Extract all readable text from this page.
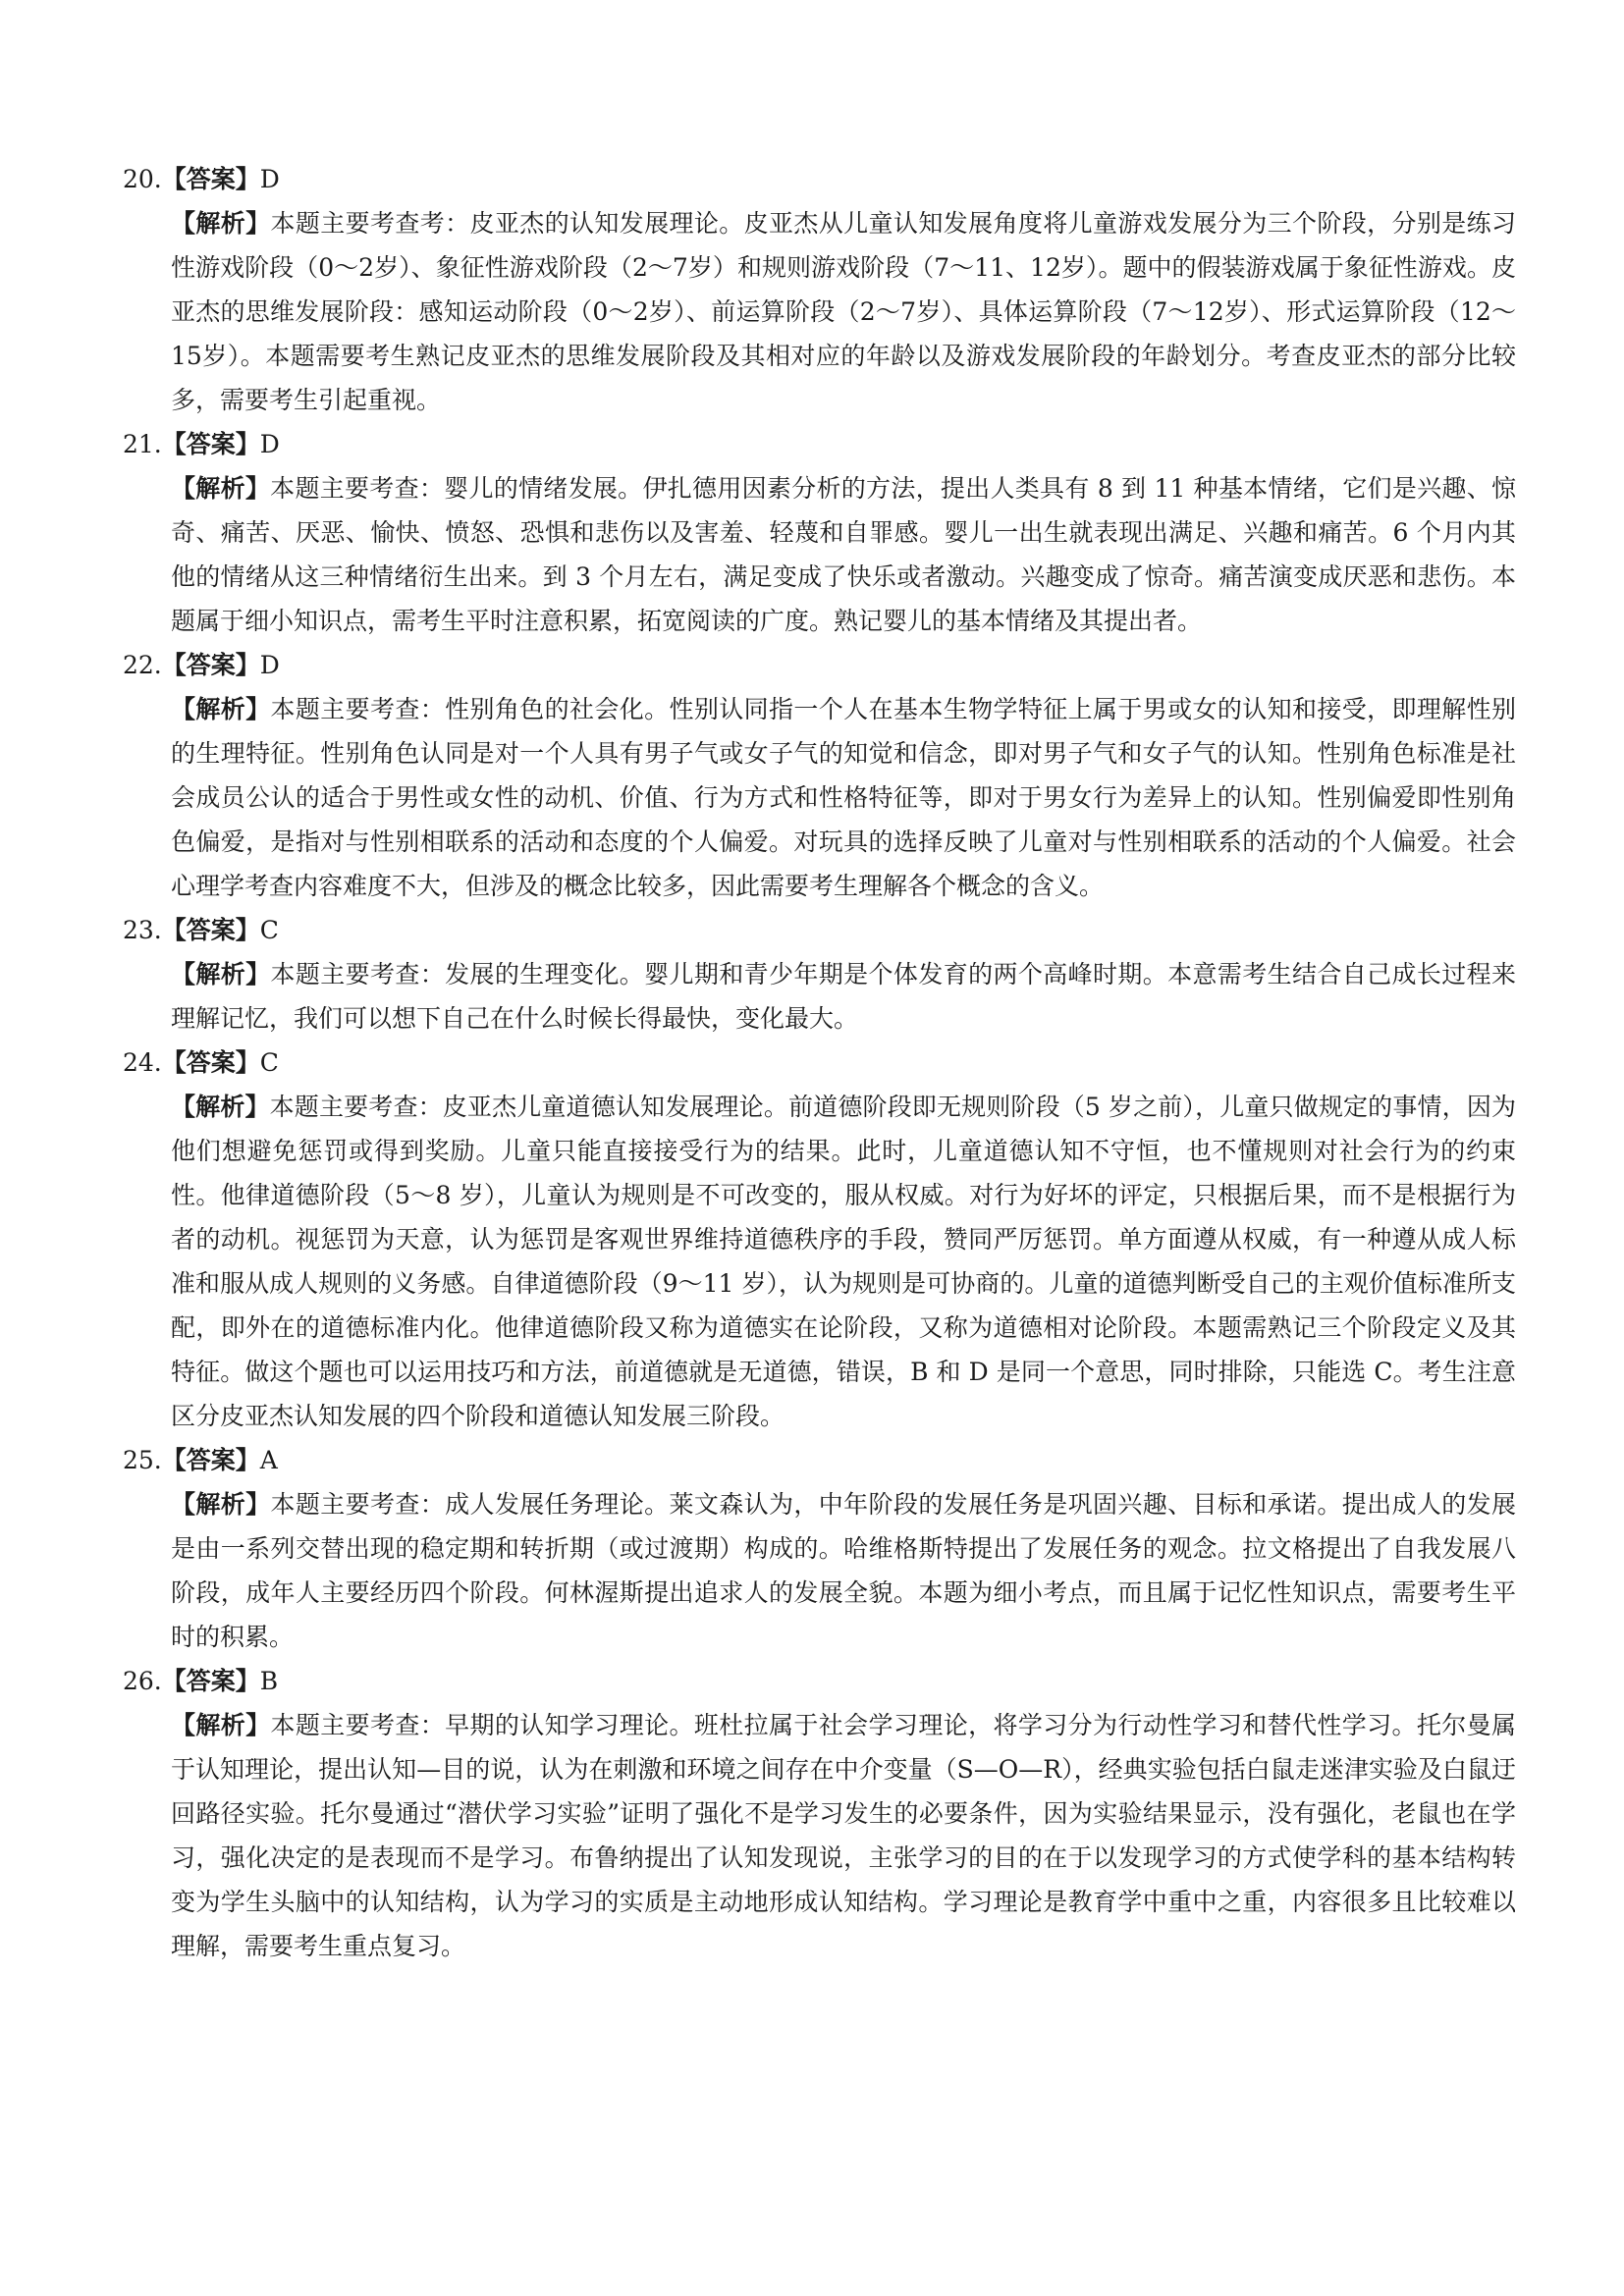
20.【答案】D

【解析】本题主要考查考：皮亚杰的认知发展理论。皮亚杰从儿童认知发展角度将儿童游戏发展分为三个阶段，分别是练习性游戏阶段（0～2岁）、象征性游戏阶段（2～7岁）和规则游戏阶段（7～11、12岁）。题中的假装游戏属于象征性游戏。皮亚杰的思维发展阶段：感知运动阶段（0～2岁）、前运算阶段（2～7岁）、具体运算阶段（7～12岁）、形式运算阶段（12～15岁）。本题需要考生熟记皮亚杰的思维发展阶段及其相对应的年龄以及游戏发展阶段的年龄划分。考查皮亚杰的部分比较多，需要考生引起重视。

21.【答案】D

【解析】本题主要考查：婴儿的情绪发展。伊扎德用因素分析的方法，提出人类具有 8 到 11 种基本情绪，它们是兴趣、惊奇、痛苦、厌恶、愉快、愤怒、恐惧和悲伤以及害羞、轻蔑和自罪感。婴儿一出生就表现出满足、兴趣和痛苦。6 个月内其他的情绪从这三种情绪衍生出来。到 3 个月左右，满足变成了快乐或者激动。兴趣变成了惊奇。痛苦演变成厌恶和悲伤。本题属于细小知识点，需考生平时注意积累，拓宽阅读的广度。熟记婴儿的基本情绪及其提出者。

22.【答案】D

【解析】本题主要考查：性别角色的社会化。性别认同指一个人在基本生物学特征上属于男或女的认知和接受，即理解性别的生理特征。性别角色认同是对一个人具有男子气或女子气的知觉和信念，即对男子气和女子气的认知。性别角色标准是社会成员公认的适合于男性或女性的动机、价值、行为方式和性格特征等，即对于男女行为差异上的认知。性别偏爱即性别角色偏爱，是指对与性别相联系的活动和态度的个人偏爱。对玩具的选择反映了儿童对与性别相联系的活动的个人偏爱。社会心理学考查内容难度不大，但涉及的概念比较多，因此需要考生理解各个概念的含义。

23.【答案】C

【解析】本题主要考查：发展的生理变化。婴儿期和青少年期是个体发育的两个高峰时期。本意需考生结合自己成长过程来理解记忆，我们可以想下自己在什么时候长得最快，变化最大。

24.【答案】C

【解析】本题主要考查：皮亚杰儿童道德认知发展理论。前道德阶段即无规则阶段（5 岁之前），儿童只做规定的事情，因为他们想避免惩罚或得到奖励。儿童只能直接接受行为的结果。此时，儿童道德认知不守恒，也不懂规则对社会行为的约束性。他律道德阶段（5～8 岁），儿童认为规则是不可改变的，服从权威。对行为好坏的评定，只根据后果，而不是根据行为者的动机。视惩罚为天意，认为惩罚是客观世界维持道德秩序的手段，赞同严厉惩罚。单方面遵从权威，有一种遵从成人标准和服从成人规则的义务感。自律道德阶段（9～11 岁），认为规则是可协商的。儿童的道德判断受自己的主观价值标准所支配，即外在的道德标准内化。他律道德阶段又称为道德实在论阶段，又称为道德相对论阶段。本题需熟记三个阶段定义及其特征。做这个题也可以运用技巧和方法，前道德就是无道德，错误，B 和 D 是同一个意思，同时排除，只能选 C。考生注意区分皮亚杰认知发展的四个阶段和道德认知发展三阶段。

25.【答案】A

【解析】本题主要考查：成人发展任务理论。莱文森认为，中年阶段的发展任务是巩固兴趣、目标和承诺。提出成人的发展是由一系列交替出现的稳定期和转折期（或过渡期）构成的。哈维格斯特提出了发展任务的观念。拉文格提出了自我发展八阶段，成年人主要经历四个阶段。何林渥斯提出追求人的发展全貌。本题为细小考点，而且属于记忆性知识点，需要考生平时的积累。

26.【答案】B

【解析】本题主要考查：早期的认知学习理论。班杜拉属于社会学习理论，将学习分为行动性学习和替代性学习。托尔曼属于认知理论，提出认知—目的说，认为在刺激和环境之间存在中介变量（S—O—R），经典实验包括白鼠走迷津实验及白鼠迂回路径实验。托尔曼通过“潜伏学习实验”证明了强化不是学习发生的必要条件，因为实验结果显示，没有强化，老鼠也在学习，强化决定的是表现而不是学习。布鲁纳提出了认知发现说，主张学习的目的在于以发现学习的方式使学科的基本结构转变为学生头脑中的认知结构，认为学习的实质是主动地形成认知结构。学习理论是教育学中重中之重，内容很多且比较难以理解，需要考生重点复习。
